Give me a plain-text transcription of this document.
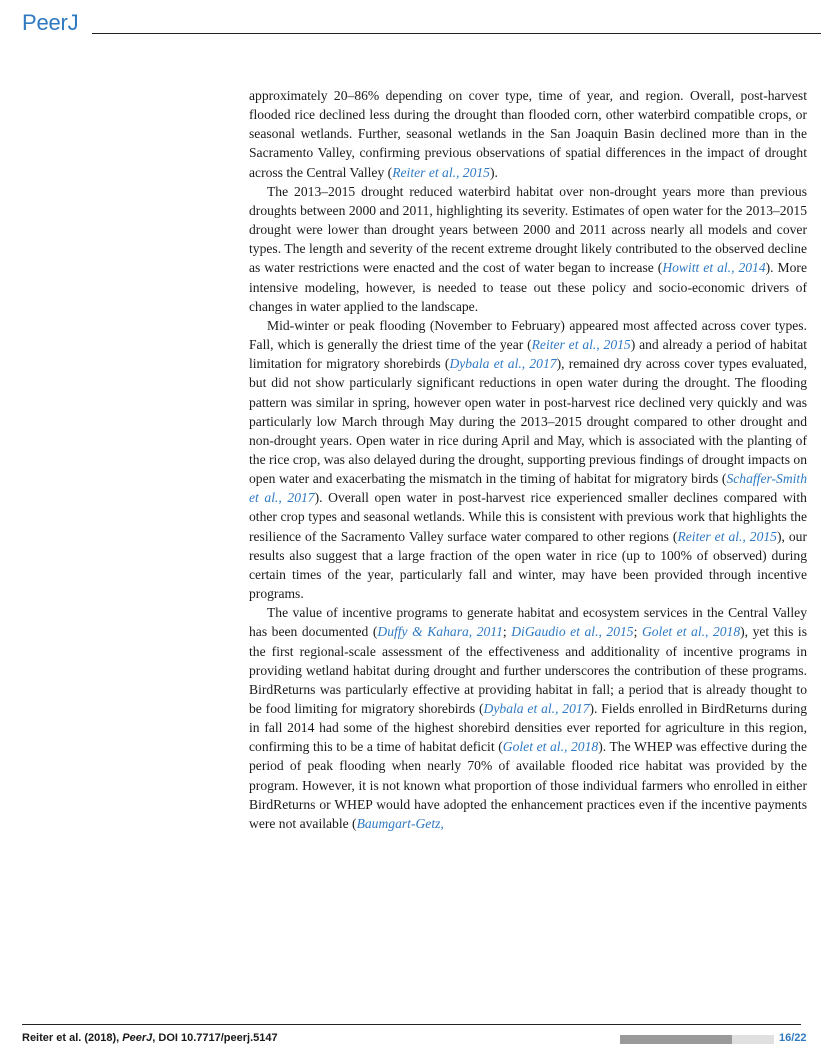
PeerJ

approximately 20–86% depending on cover type, time of year, and region. Overall, post-harvest flooded rice declined less during the drought than flooded corn, other waterbird compatible crops, or seasonal wetlands. Further, seasonal wetlands in the San Joaquin Basin declined more than in the Sacramento Valley, confirming previous observations of spatial differences in the impact of drought across the Central Valley (Reiter et al., 2015).

The 2013–2015 drought reduced waterbird habitat over non-drought years more than previous droughts between 2000 and 2011, highlighting its severity. Estimates of open water for the 2013–2015 drought were lower than drought years between 2000 and 2011 across nearly all models and cover types. The length and severity of the recent extreme drought likely contributed to the observed decline as water restrictions were enacted and the cost of water began to increase (Howitt et al., 2014). More intensive modeling, however, is needed to tease out these policy and socio-economic drivers of changes in water applied to the landscape.

Mid-winter or peak flooding (November to February) appeared most affected across cover types. Fall, which is generally the driest time of the year (Reiter et al., 2015) and already a period of habitat limitation for migratory shorebirds (Dybala et al., 2017), remained dry across cover types evaluated, but did not show particularly significant reductions in open water during the drought. The flooding pattern was similar in spring, however open water in post-harvest rice declined very quickly and was particularly low March through May during the 2013–2015 drought compared to other drought and non-drought years. Open water in rice during April and May, which is associated with the planting of the rice crop, was also delayed during the drought, supporting previous findings of drought impacts on open water and exacerbating the mismatch in the timing of habitat for migratory birds (Schaffer-Smith et al., 2017). Overall open water in post-harvest rice experienced smaller declines compared with other crop types and seasonal wetlands. While this is consistent with previous work that highlights the resilience of the Sacramento Valley surface water compared to other regions (Reiter et al., 2015), our results also suggest that a large fraction of the open water in rice (up to 100% of observed) during certain times of the year, particularly fall and winter, may have been provided through incentive programs.

The value of incentive programs to generate habitat and ecosystem services in the Central Valley has been documented (Duffy & Kahara, 2011; DiGaudio et al., 2015; Golet et al., 2018), yet this is the first regional-scale assessment of the effectiveness and additionality of incentive programs in providing wetland habitat during drought and further underscores the contribution of these programs. BirdReturns was particularly effective at providing habitat in fall; a period that is already thought to be food limiting for migratory shorebirds (Dybala et al., 2017). Fields enrolled in BirdReturns during in fall 2014 had some of the highest shorebird densities ever reported for agriculture in this region, confirming this to be a time of habitat deficit (Golet et al., 2018). The WHEP was effective during the period of peak flooding when nearly 70% of available flooded rice habitat was provided by the program. However, it is not known what proportion of those individual farmers who enrolled in either BirdReturns or WHEP would have adopted the enhancement practices even if the incentive payments were not available (Baumgart-Getz,

Reiter et al. (2018), PeerJ, DOI 10.7717/peerj.5147	16/22
